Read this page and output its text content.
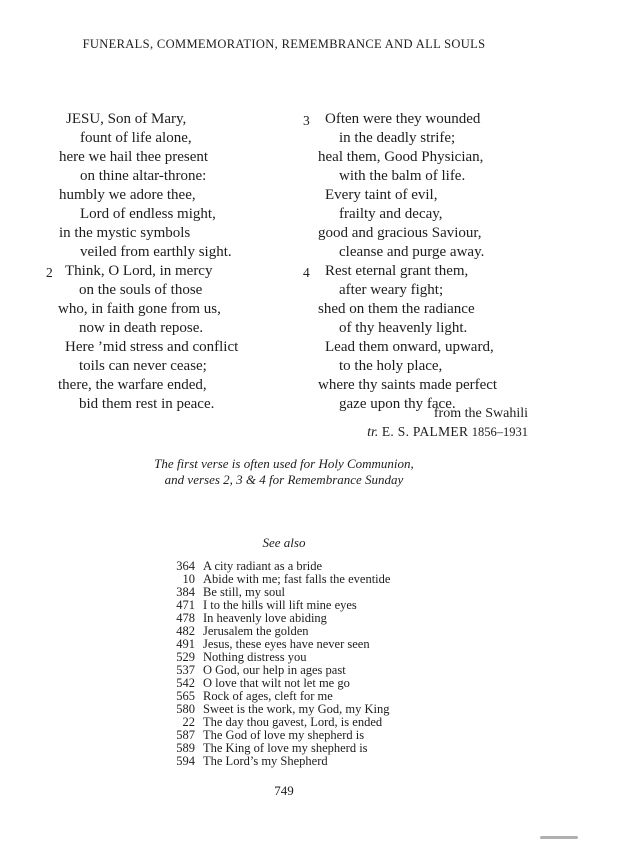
FUNERALS, COMMEMORATION, REMEMBRANCE AND ALL SOULS
JESU, Son of Mary,
fount of life alone,
here we hail thee present
on thine altar-throne:
humbly we adore thee,
Lord of endless might,
in the mystic symbols
veiled from earthly sight.
2 Think, O Lord, in mercy
on the souls of those
who, in faith gone from us,
now in death repose.
Here ’mid stress and conflict
toils can never cease;
there, the warfare ended,
bid them rest in peace.
3	Often were they wounded
in the deadly strife;
heal them, Good Physician,
with the balm of life.
Every taint of evil,
frailty and decay,
good and gracious Saviour,
cleanse and purge away.
4	Rest eternal grant them,
after weary fight;
shed on them the radiance
of thy heavenly light.
Lead them onward, upward,
to the holy place,
where thy saints made perfect
gaze upon thy face.
from the Swahili
tr. E. S. PALMER 1856–1931
The first verse is often used for Holy Communion,
and verses 2, 3 & 4 for Remembrance Sunday
See also
364 A city radiant as a bride
10 Abide with me; fast falls the eventide
384 Be still, my soul
471 I to the hills will lift mine eyes
478 In heavenly love abiding
482 Jerusalem the golden
491 Jesus, these eyes have never seen
529 Nothing distress you
537 O God, our help in ages past
542 O love that wilt not let me go
565 Rock of ages, cleft for me
580 Sweet is the work, my God, my King
22 The day thou gavest, Lord, is ended
587 The God of love my shepherd is
589 The King of love my shepherd is
594 The Lord’s my Shepherd
749
